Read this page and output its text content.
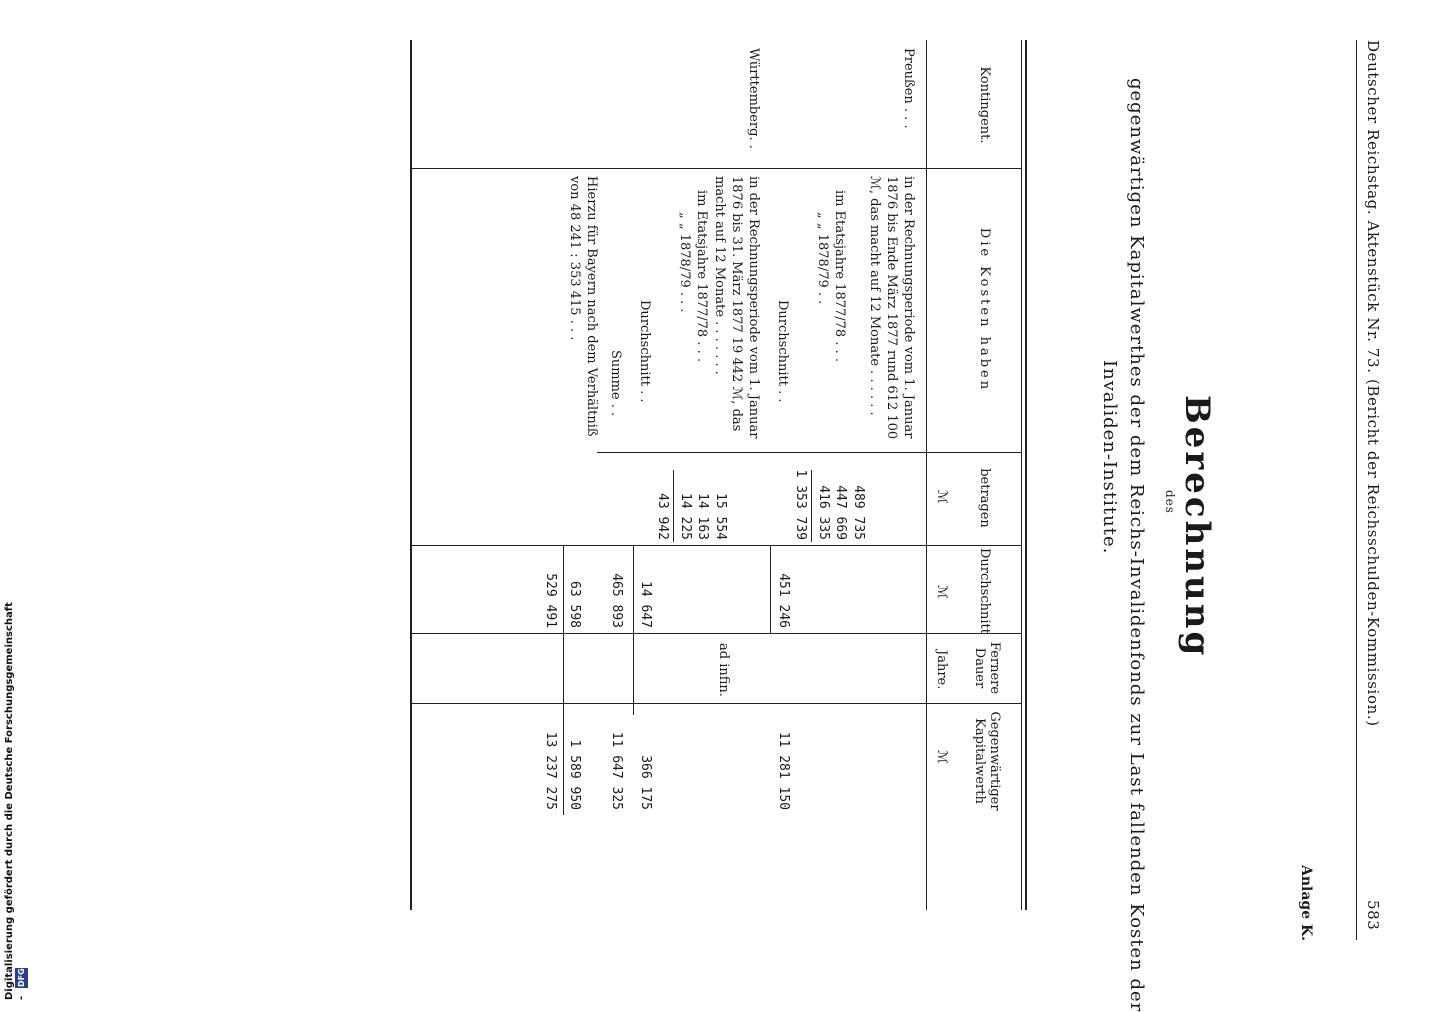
Digitalisierung gefördert durch die Deutsche Forschungsgemeinschaft - DFG
Deutscher Reichstag. Aktenstück Nr. 73. (Bericht der Reichsschulden-Kommission.)
583
Anlage K.
Berechnung
des
gegenwärtigen Kapitalwerthes der dem Reichs-Invalidenfonds zur Last fallenden Kosten der
Invaliden-Institute.
Kontingent.
Die Kosten haben
betragen
Durchschnitt
Fernere Dauer
Gegenwärtiger Kapitalwerth
ℳ
ℳ
Jahre.
ℳ
Preußen . . .
in der Rechnungsperiode vom 1. Januar 1876 bis Ende März 1877 rund 612 100 ℳ, das macht auf 12 Monate . . . . . .
489 735
im Etatsjahre 1877/78 . . .
447 669
„ „ 1878/79 . .
416 335
1 353 739
Durchschnitt . .
451 246
11 281 150
Württemberg. .
in der Rechnungsperiode vom 1. Januar 1876 bis 31. März 1877 19 442 ℳ, das macht auf 12 Monate . . . . . . .
15 554
im Etatsjahre 1877/78 . . .
14 163
„ „ 1878/79 . . .
14 225
43 942
Durchschnitt . .
14 647
366 175
ad infin.
Summe . .
465 893
11 647 325
Hierzu für Bayern nach dem Verhältniß von 48 241 : 353 415 . . .
63 598
1 589 950
529 491
13 237 275
